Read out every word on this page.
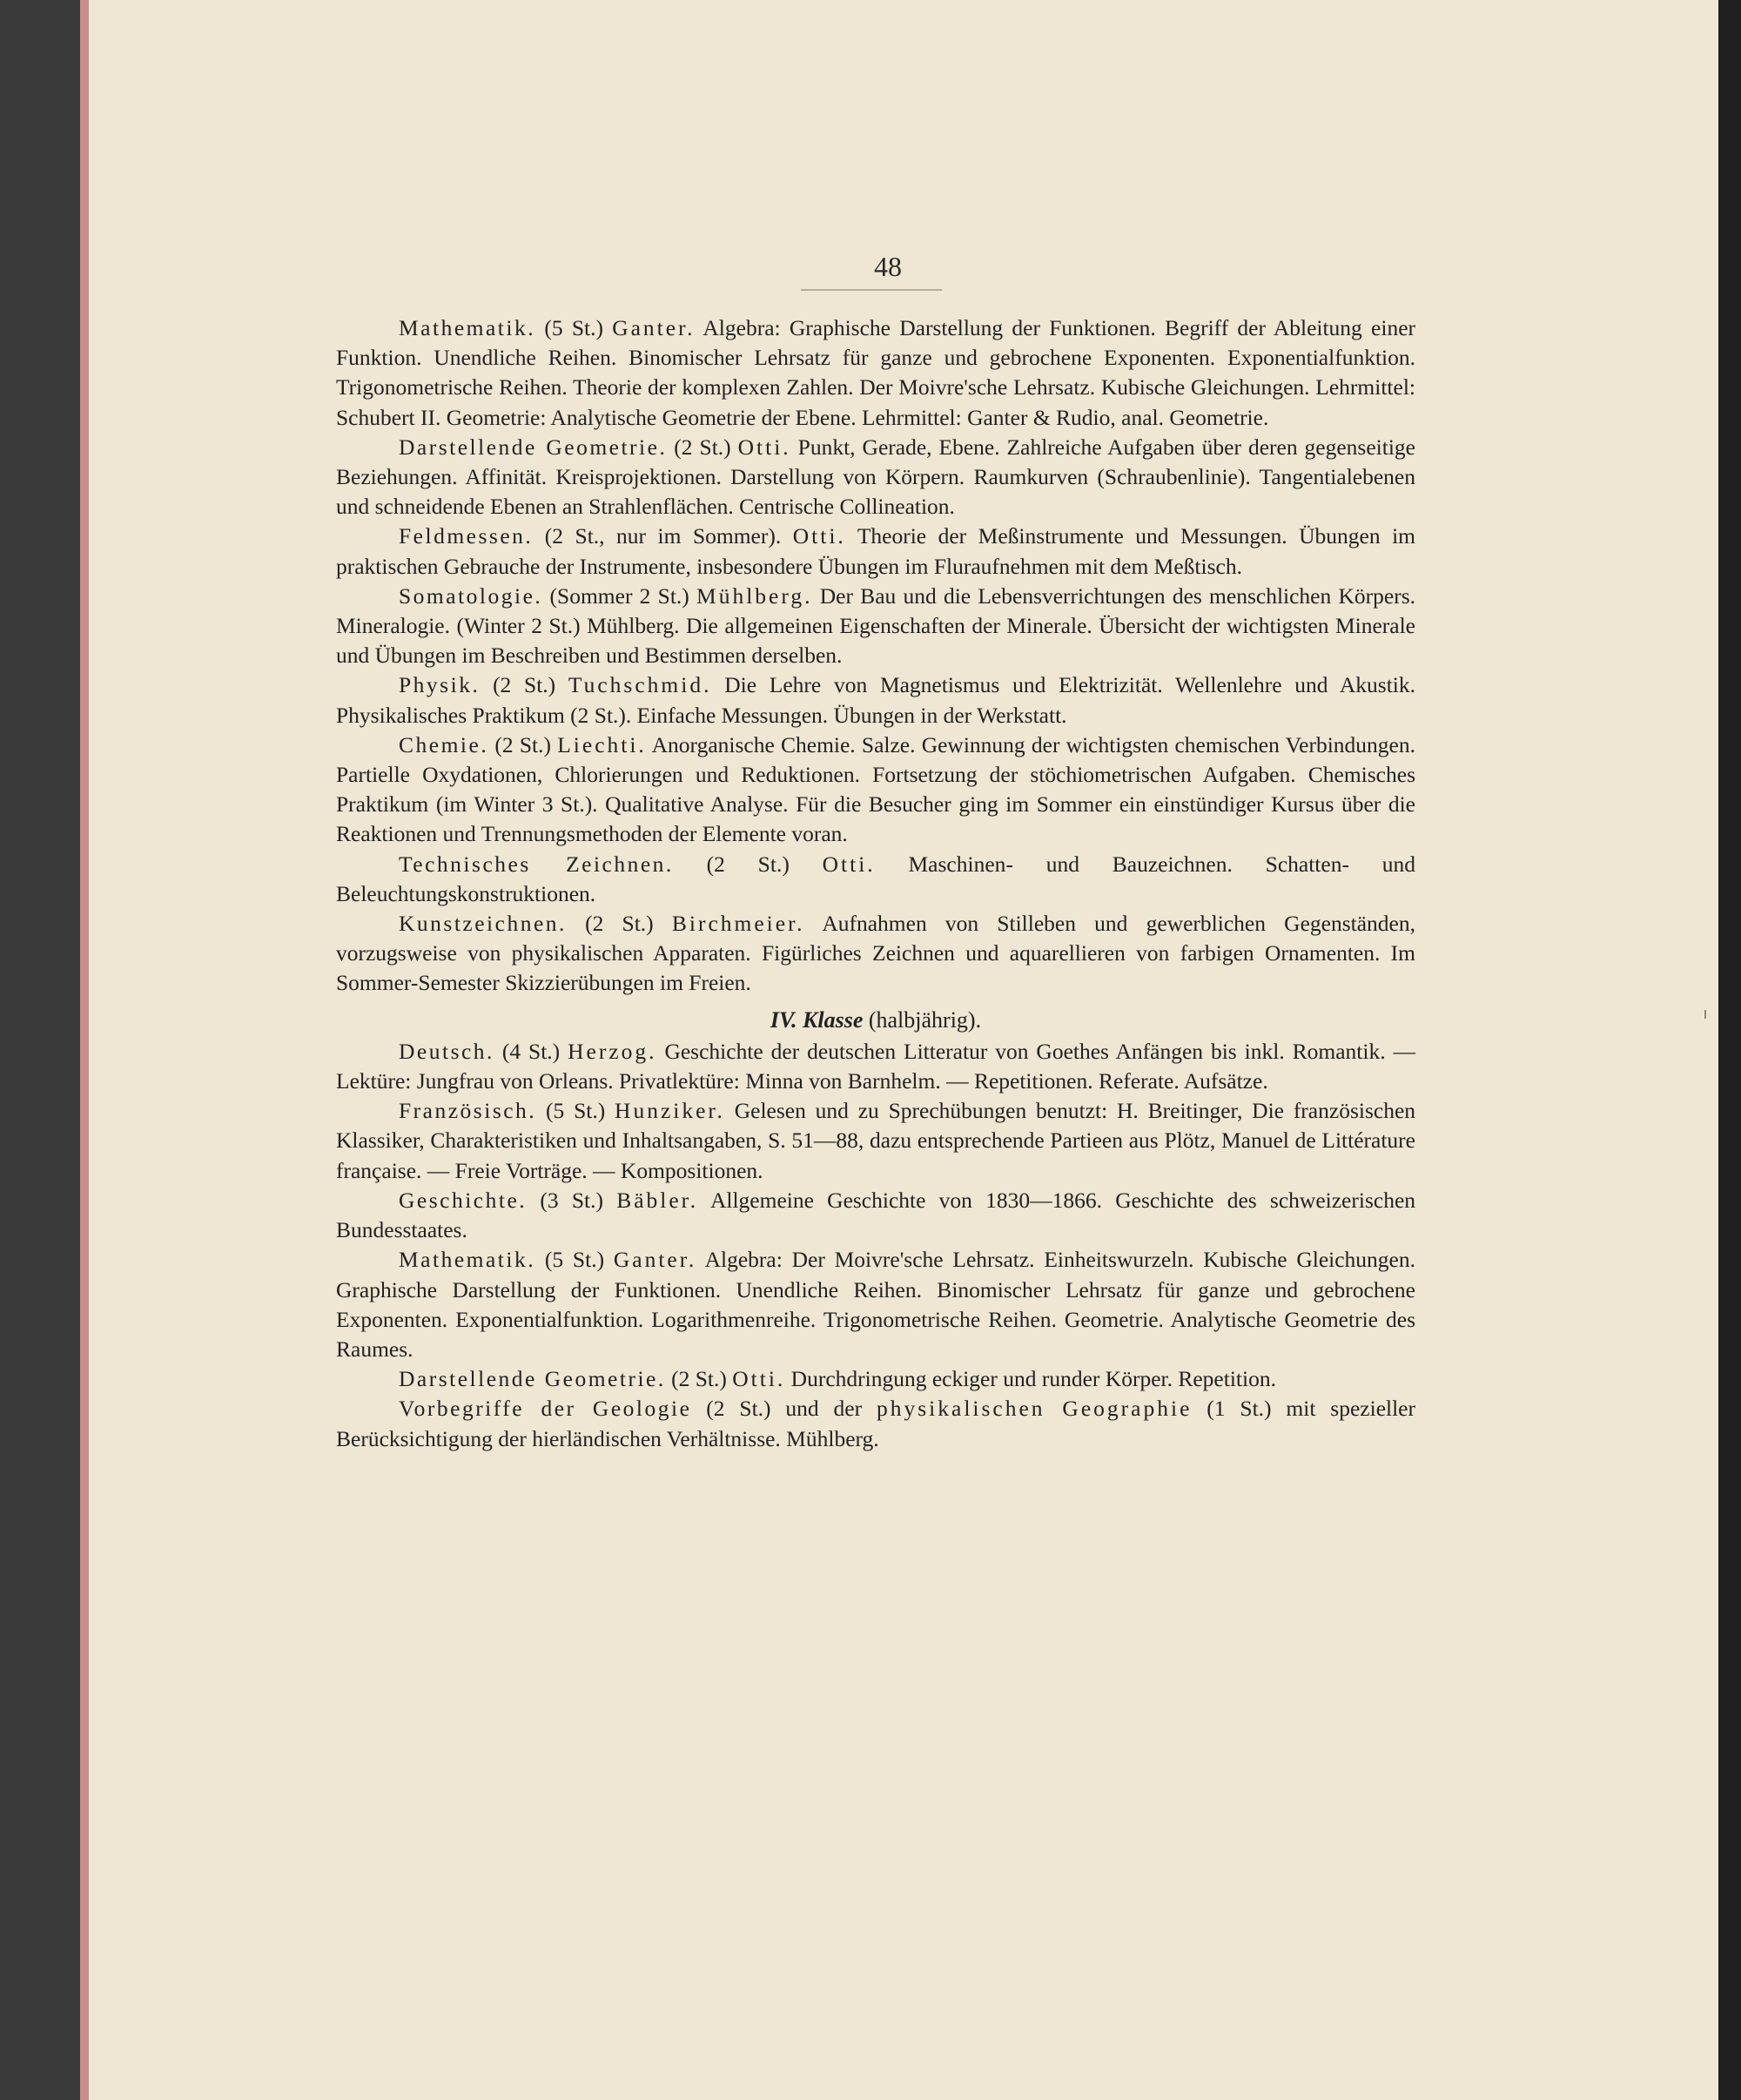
48

Mathematik. (5 St.) Ganter. Algebra: Graphische Darstellung der Funktionen. Begriff der Ableitung einer Funktion. Unendliche Reihen. Binomischer Lehrsatz für ganze und gebrochene Exponenten. Exponentialfunktion. Trigonometrische Reihen. Theorie der komplexen Zahlen. Der Moivre'sche Lehrsatz. Kubische Gleichungen. Lehrmittel: Schubert II. Geometrie: Analytische Geometrie der Ebene. Lehrmittel: Ganter & Rudio, anal. Geometrie.

Darstellende Geometrie. (2 St.) Otti. Punkt, Gerade, Ebene. Zahlreiche Aufgaben über deren gegenseitige Beziehungen. Affinität. Kreisprojektionen. Darstellung von Körpern. Raumkurven (Schraubenlinie). Tangentialebenen und schneidende Ebenen an Strahlenflächen. Centrische Collineation.

Feldmessen. (2 St., nur im Sommer). Otti. Theorie der Meßinstrumente und Messungen. Übungen im praktischen Gebrauche der Instrumente, insbesondere Übungen im Fluraufnehmen mit dem Meßtisch.

Somatologie. (Sommer 2 St.) Mühlberg. Der Bau und die Lebensverrichtungen des menschlichen Körpers. Mineralogie. (Winter 2 St.) Mühlberg. Die allgemeinen Eigenschaften der Minerale. Übersicht der wichtigsten Minerale und Übungen im Beschreiben und Bestimmen derselben.

Physik. (2 St.) Tuchschmid. Die Lehre von Magnetismus und Elektrizität. Wellenlehre und Akustik. Physikalisches Praktikum (2 St.). Einfache Messungen. Übungen in der Werkstatt.

Chemie. (2 St.) Liechti. Anorganische Chemie. Salze. Gewinnung der wichtigsten chemischen Verbindungen. Partielle Oxydationen, Chlorierungen und Reduktionen. Fortsetzung der stöchiometrischen Aufgaben. Chemisches Praktikum (im Winter 3 St.). Qualitative Analyse. Für die Besucher ging im Sommer ein einstündiger Kursus über die Reaktionen und Trennungsmethoden der Elemente voran.

Technisches Zeichnen. (2 St.) Otti. Maschinen- und Bauzeichnen. Schatten- und Beleuchtungskonstruktionen.

Kunstzeichnen. (2 St.) Birchmeier. Aufnahmen von Stilleben und gewerblichen Gegenständen, vorzugsweise von physikalischen Apparaten. Figürliches Zeichnen und aquarellieren von farbigen Ornamenten. Im Sommer-Semester Skizzierübungen im Freien.

IV. Klasse (halbjährig).

Deutsch. (4 St.) Herzog. Geschichte der deutschen Litteratur von Goethes Anfängen bis inkl. Romantik. — Lektüre: Jungfrau von Orleans. Privatlektüre: Minna von Barnhelm. — Repetitionen. Referate. Aufsätze.

Französisch. (5 St.) Hunziker. Gelesen und zu Sprechübungen benutzt: H. Breitinger, Die französischen Klassiker, Charakteristiken und Inhaltsangaben, S. 51—88, dazu entsprechende Partieen aus Plötz, Manuel de Littérature française. — Freie Vorträge. — Kompositionen.

Geschichte. (3 St.) Bäbler. Allgemeine Geschichte von 1830—1866. Geschichte des schweizerischen Bundesstaates.

Mathematik. (5 St.) Ganter. Algebra: Der Moivre'sche Lehrsatz. Einheitswurzeln. Kubische Gleichungen. Graphische Darstellung der Funktionen. Unendliche Reihen. Binomischer Lehrsatz für ganze und gebrochene Exponenten. Exponentialfunktion. Logarithmenreihe. Trigonometrische Reihen. Geometrie. Analytische Geometrie des Raumes.

Darstellende Geometrie. (2 St.) Otti. Durchdringung eckiger und runder Körper. Repetition.

Vorbegriffe der Geologie (2 St.) und der physikalischen Geographie (1 St.) mit spezieller Berücksichtigung der hierländischen Verhältnisse. Mühlberg.
